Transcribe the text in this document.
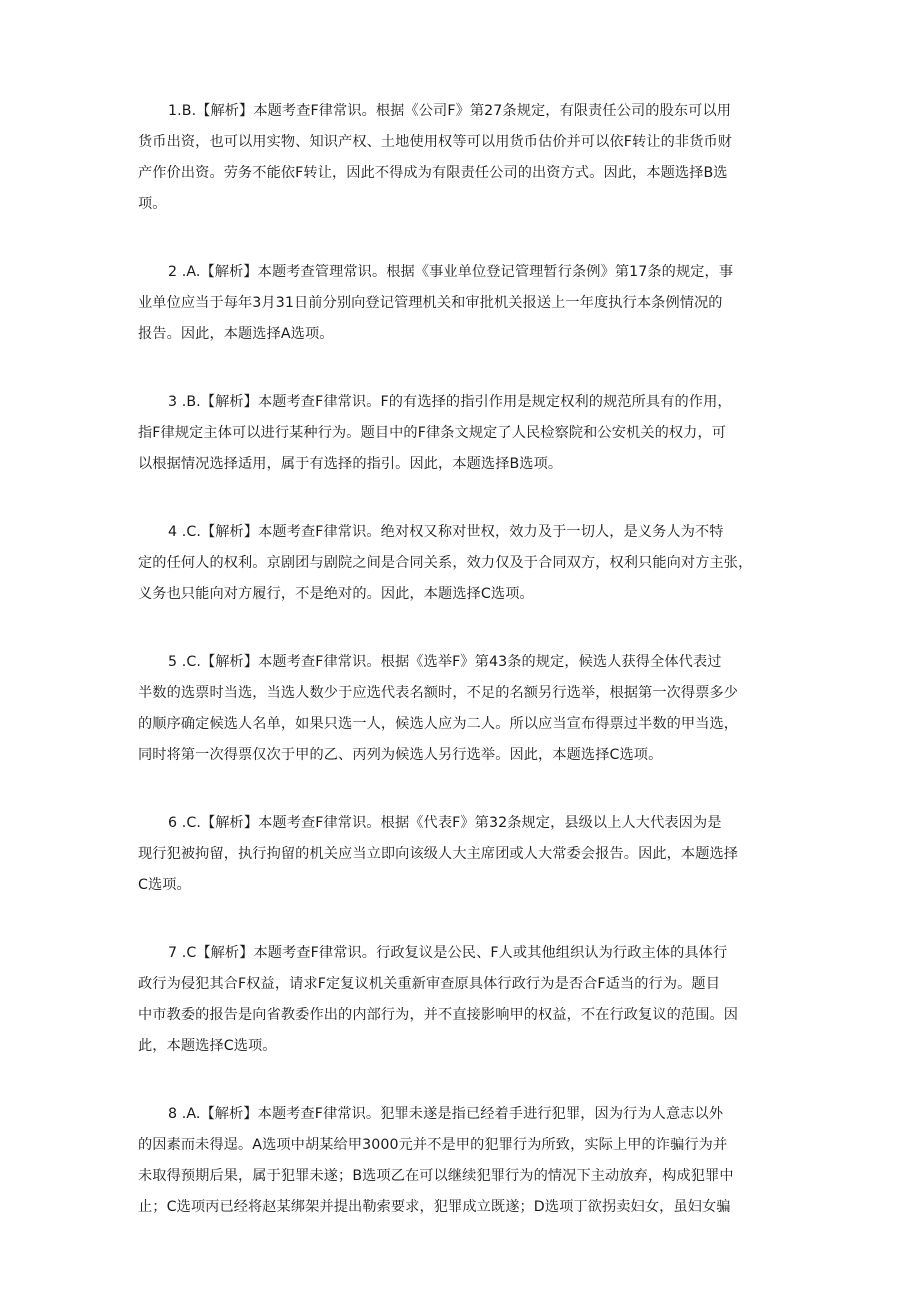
1.B.【解析】本题考查F律常识。根据《公司F》第27条规定，有限责任公司的股东可以用
货币出资，也可以用实物、知识产权、土地使用权等可以用货币估价并可以依F转让的非货币财
产作价出资。劳务不能依F转让，因此不得成为有限责任公司的出资方式。因此，本题选择B选
项。
2 .A.【解析】本题考查管理常识。根据《事业单位登记管理暂行条例》第17条的规定，事
业单位应当于每年3月31日前分别向登记管理机关和审批机关报送上一年度执行本条例情况的
报告。因此，本题选择A选项。
3 .B.【解析】本题考查F律常识。F的有选择的指引作用是规定权利的规范所具有的作用，
指F律规定主体可以进行某种行为。题目中的F律条文规定了人民检察院和公安机关的权力，可
以根据情况选择适用，属于有选择的指引。因此，本题选择B选项。
4 .C.【解析】本题考查F律常识。绝对权又称对世权，效力及于一切人，是义务人为不特
定的任何人的权利。京剧团与剧院之间是合同关系，效力仅及于合同双方，权利只能向对方主张，
义务也只能向对方履行，不是绝对的。因此，本题选择C选项。
5 .C.【解析】本题考查F律常识。根据《选举F》第43条的规定，候选人获得全体代表过
半数的选票时当选，当选人数少于应选代表名额时，不足的名额另行选举，根据第一次得票多少
的顺序确定候选人名单，如果只选一人，候选人应为二人。所以应当宣布得票过半数的甲当选，
同时将第一次得票仅次于甲的乙、丙列为候选人另行选举。因此，本题选择C选项。
6 .C.【解析】本题考查F律常识。根据《代表F》第32条规定，县级以上人大代表因为是
现行犯被拘留，执行拘留的机关应当立即向该级人大主席团或人大常委会报告。因此，本题选择
C选项。
7 .C【解析】本题考查F律常识。行政复议是公民、F人或其他组织认为行政主体的具体行
政行为侵犯其合F权益，请求F定复议机关重新审查原具体行政行为是否合F适当的行为。题目
中市教委的报告是向省教委作出的内部行为，并不直接影响甲的权益，不在行政复议的范围。因
此，本题选择C选项。
8 .A.【解析】本题考查F律常识。犯罪未遂是指已经着手进行犯罪，因为行为人意志以外
的因素而未得逞。A选项中胡某给甲3000元并不是甲的犯罪行为所致，实际上甲的诈骗行为并
未取得预期后果，属于犯罪未遂；B选项乙在可以继续犯罪行为的情况下主动放弃，构成犯罪中
止；C选项丙已经将赵某绑架并提出勒索要求，犯罪成立既遂；D选项丁欲拐卖妇女，虽妇女骗
